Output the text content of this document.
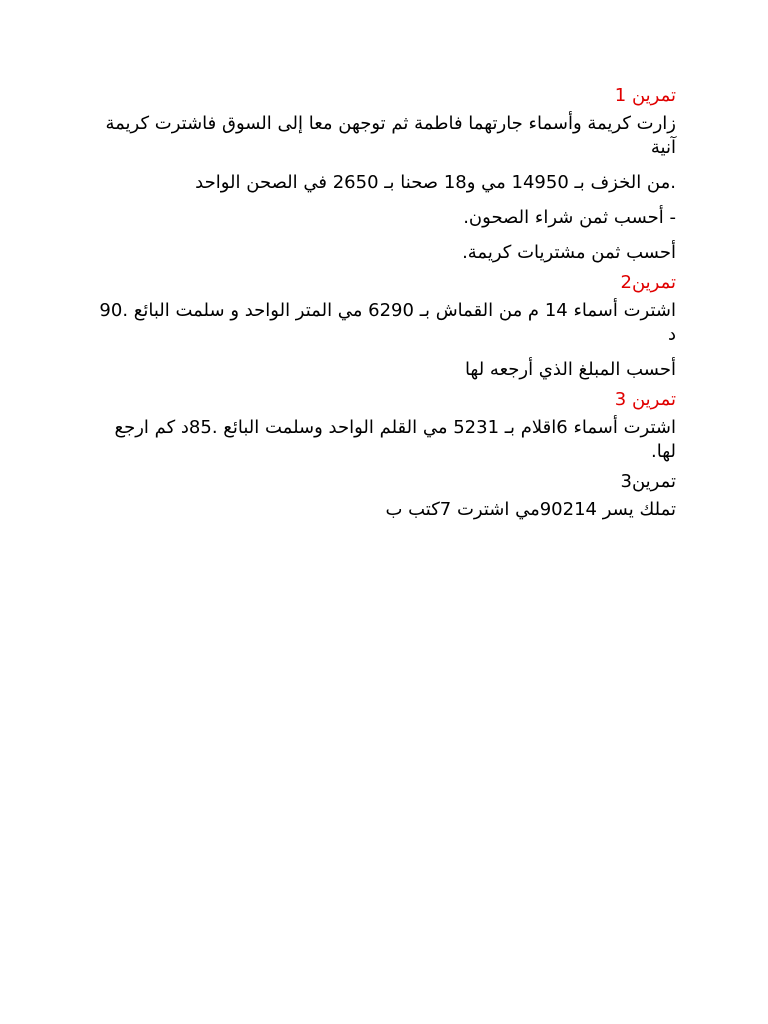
تمرين 1
زارت كريمة وأسماء جارتهما فاطمة ثم توجهن معا إلى السوق فاشترت كريمة آنية
.من الخزف بـ 14950 مي و18 صحنا بـ 2650 في الصحن الواحد
- أحسب ثمن شراء الصحون.
أحسب ثمن مشتريات كريمة.
تمرين2
اشترت أسماء 14 م من القماش بـ 6290 مي المتر الواحد و سلمت البائع .90 د
أحسب المبلغ الذي أرجعه لها
تمرين 3
اشترت أسماء 6اقلام بـ 5231 مي القلم الواحد وسلمت البائع .85د كم ارجع لها.
تمرين3
تملك يسر 90214مي اشترت 7كتب ب
